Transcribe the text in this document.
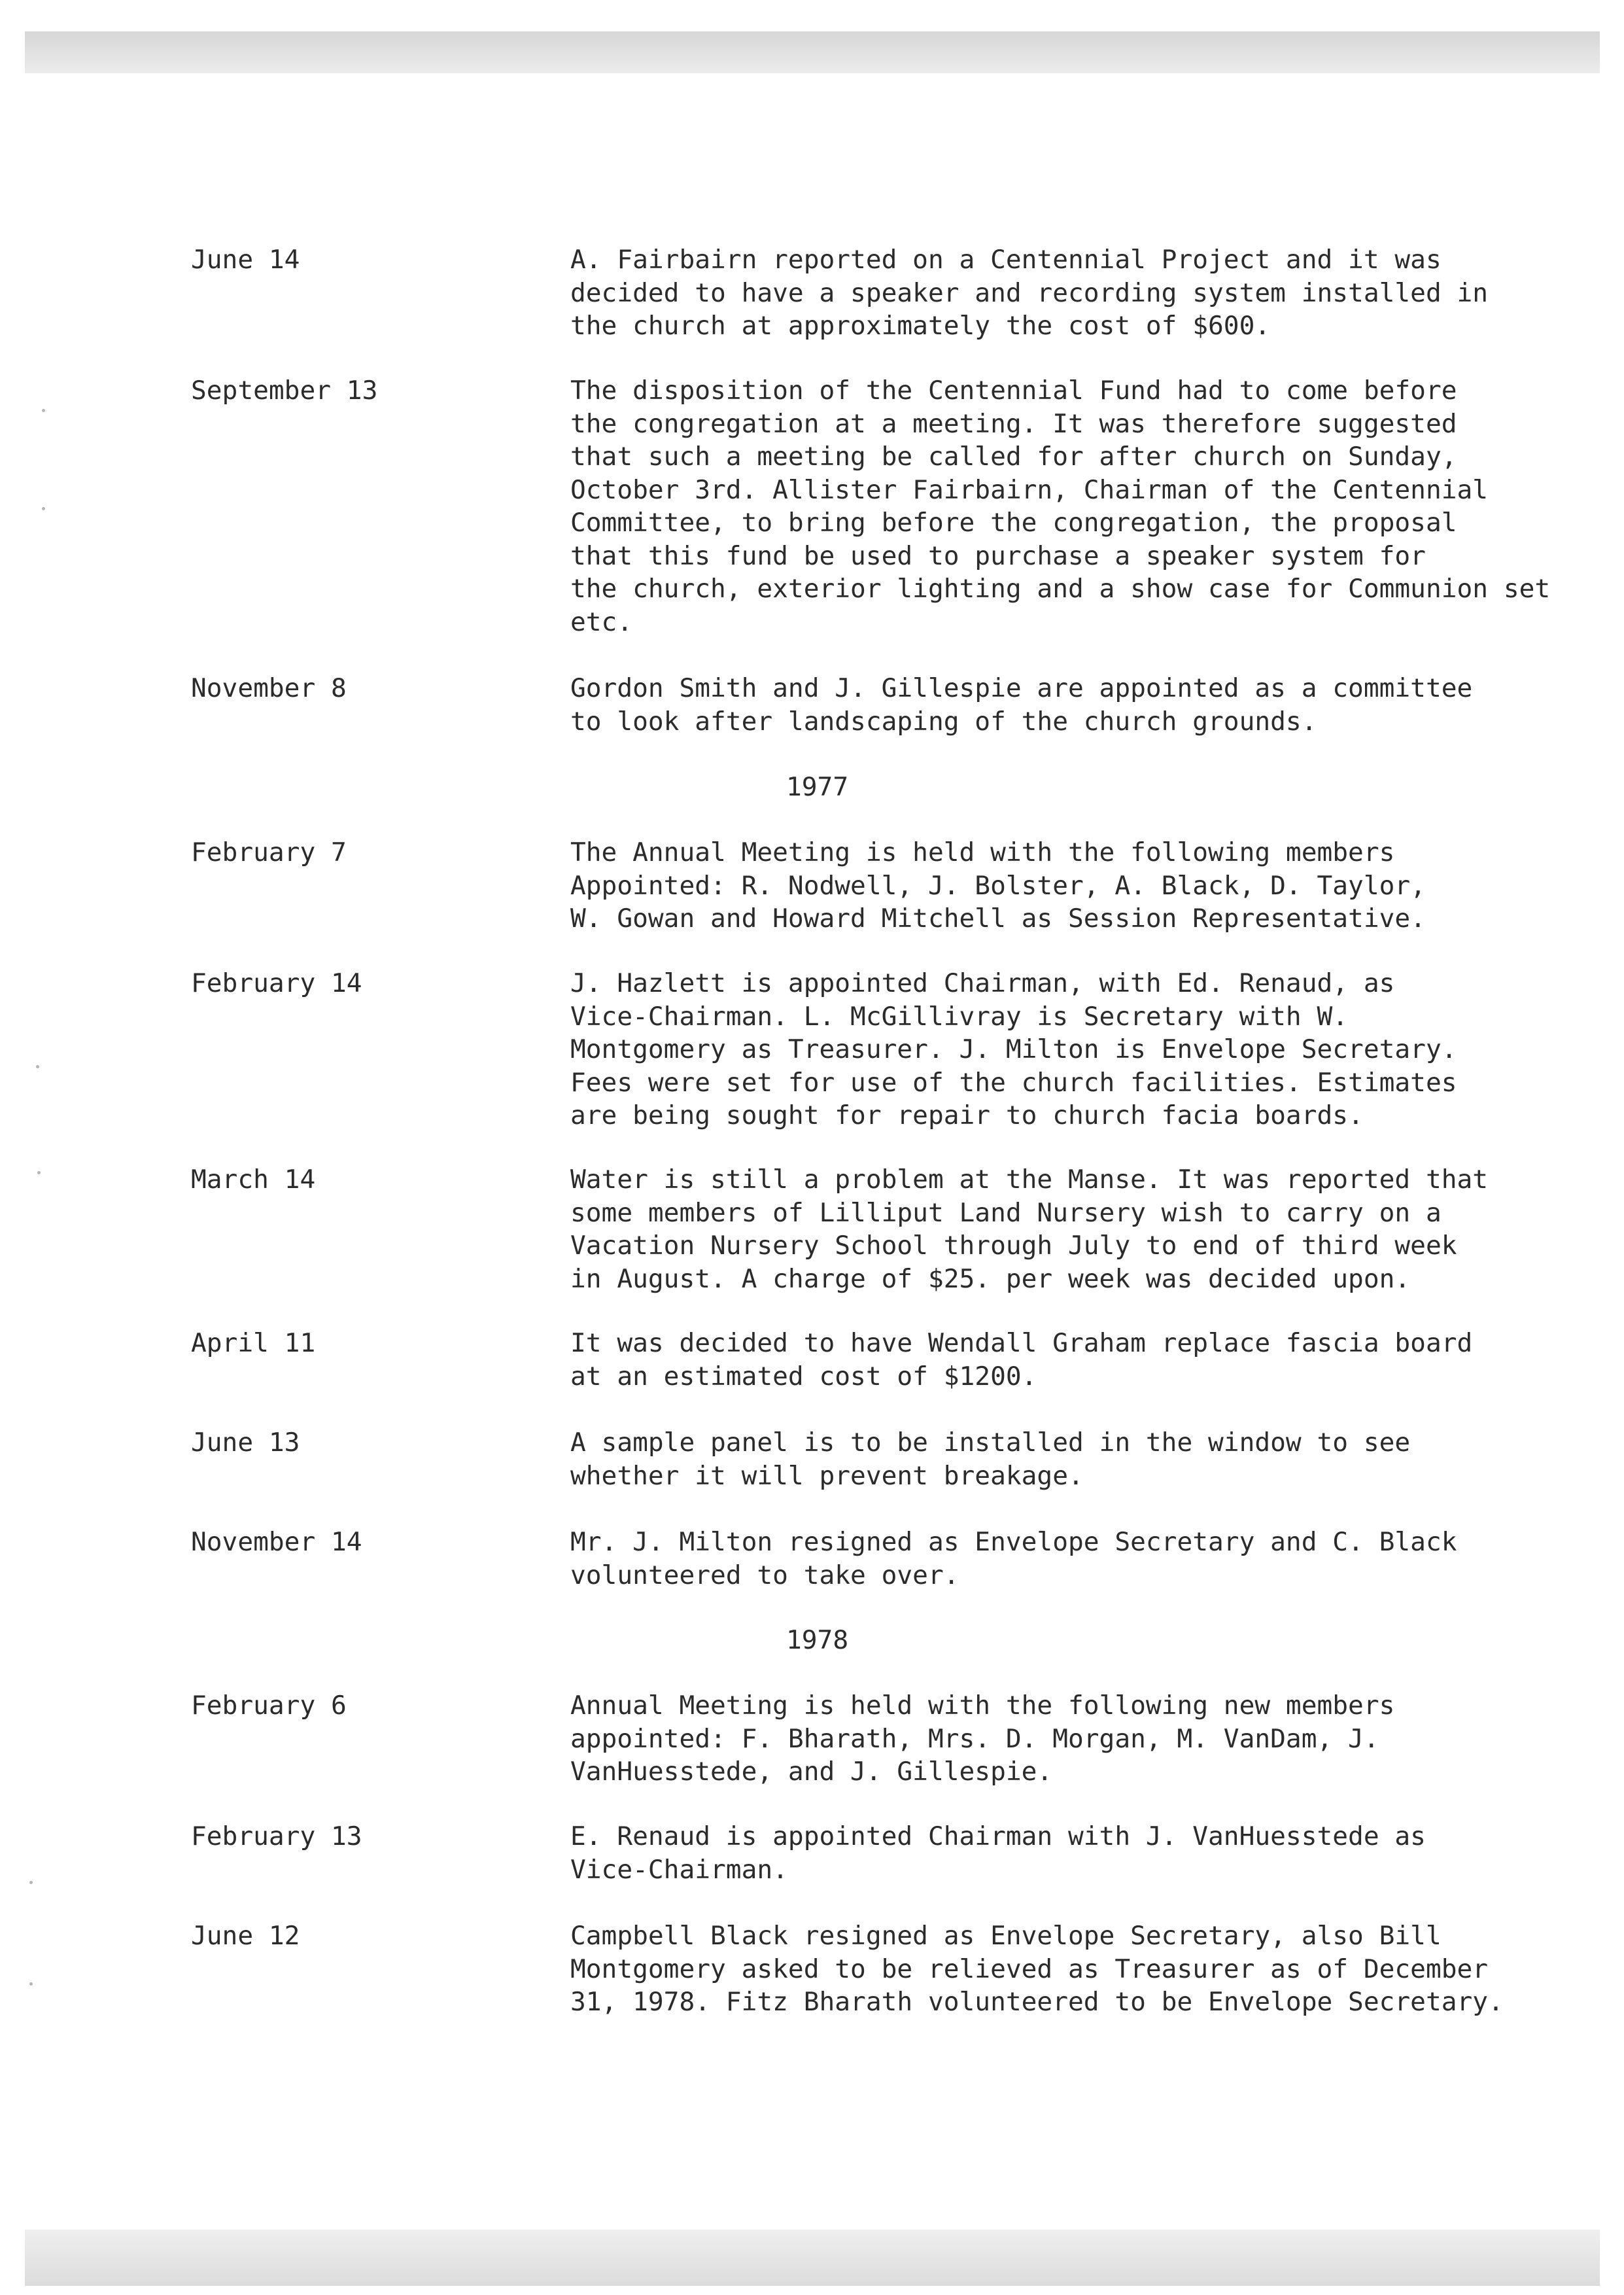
June 14	A. Fairbairn reported on a Centennial Project and it was
decided to have a speaker and recording system installed in
the church at approximately the cost of $600.
September 13	The disposition of the Centennial Fund had to come before
the congregation at a meeting. It was therefore suggested
that such a meeting be called for after church on Sunday,
October 3rd. Allister Fairbairn, Chairman of the Centennial
Committee, to bring before the congregation, the proposal
that this fund be used to purchase a speaker system for
the church, exterior lighting and a show case for Communion set
etc.
November 8	Gordon Smith and J. Gillespie are appointed as a committee
to look after landscaping of the church grounds.
1977
February 7	The Annual Meeting is held with the following members
Appointed: R. Nodwell, J. Bolster, A. Black, D. Taylor,
W. Gowan and Howard Mitchell as Session Representative.
February 14	J. Hazlett is appointed Chairman, with Ed. Renaud, as
Vice-Chairman. L. McGillivray is Secretary with W.
Montgomery as Treasurer. J. Milton is Envelope Secretary.
Fees were set for use of the church facilities. Estimates
are being sought for repair to church facia boards.
March 14	Water is still a problem at the Manse. It was reported that
some members of Lilliput Land Nursery wish to carry on a
Vacation Nursery School through July to end of third week
in August. A charge of $25. per week was decided upon.
April 11	It was decided to have Wendall Graham replace fascia board
at an estimated cost of $1200.
June 13	A sample panel is to be installed in the window to see
whether it will prevent breakage.
November 14	Mr. J. Milton resigned as Envelope Secretary and C. Black
volunteered to take over.
1978
February 6	Annual Meeting is held with the following new members
appointed: F. Bharath, Mrs. D. Morgan, M. VanDam, J.
VanHuesstede, and J. Gillespie.
February 13	E. Renaud is appointed Chairman with J. VanHuesstede as
Vice-Chairman.
June 12	Campbell Black resigned as Envelope Secretary, also Bill
Montgomery asked to be relieved as Treasurer as of December
31, 1978. Fitz Bharath volunteered to be Envelope Secretary.
